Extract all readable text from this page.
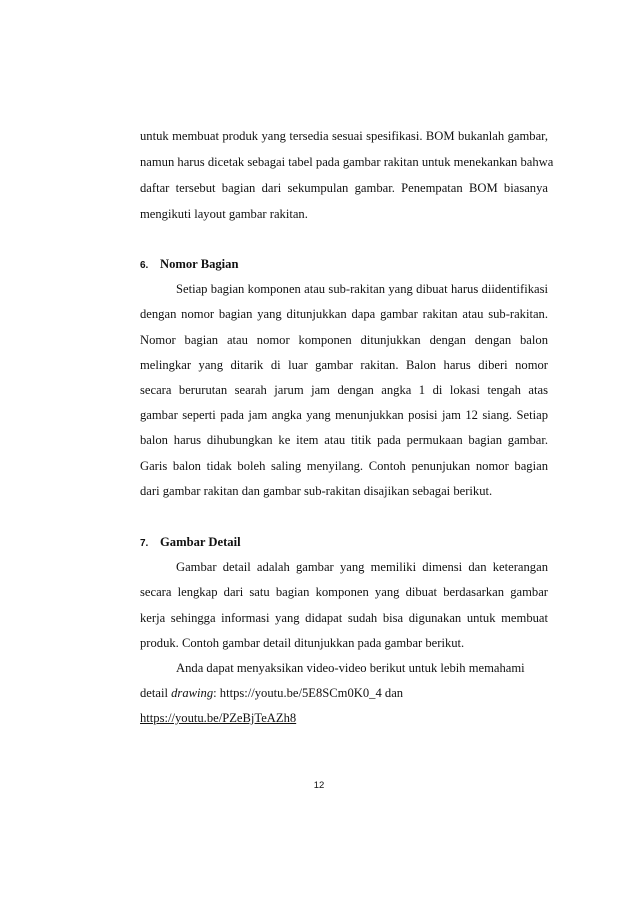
untuk membuat produk yang tersedia sesuai spesifikasi. BOM bukanlah gambar,
namun harus dicetak sebagai tabel pada gambar rakitan untuk menekankan bahwa
daftar tersebut bagian dari sekumpulan gambar. Penempatan BOM biasanya
mengikuti layout gambar rakitan.
6. Nomor Bagian
Setiap bagian komponen atau sub-rakitan yang dibuat harus diidentifikasi
dengan nomor bagian yang ditunjukkan dapa gambar rakitan atau sub-rakitan.
Nomor bagian atau nomor komponen ditunjukkan dengan dengan balon
melingkar yang ditarik di luar gambar rakitan. Balon harus diberi nomor
secara berurutan searah jarum jam dengan angka 1 di lokasi tengah atas
gambar seperti pada jam angka yang menunjukkan posisi jam 12 siang. Setiap
balon harus dihubungkan ke item atau titik pada permukaan bagian gambar.
Garis balon tidak boleh saling menyilang. Contoh penunjukan nomor bagian
dari gambar rakitan dan gambar sub-rakitan disajikan sebagai berikut.
7. Gambar Detail
Gambar detail adalah gambar yang memiliki dimensi dan keterangan
secara lengkap dari satu bagian komponen yang dibuat berdasarkan gambar
kerja sehingga informasi yang didapat sudah bisa digunakan untuk membuat
produk. Contoh gambar detail ditunjukkan pada gambar berikut.
Anda dapat menyaksikan video-video berikut untuk lebih memahami
detail drawing: https://youtu.be/5E8SCm0K0_4 dan
https://youtu.be/PZeBjTeAZh8
12
